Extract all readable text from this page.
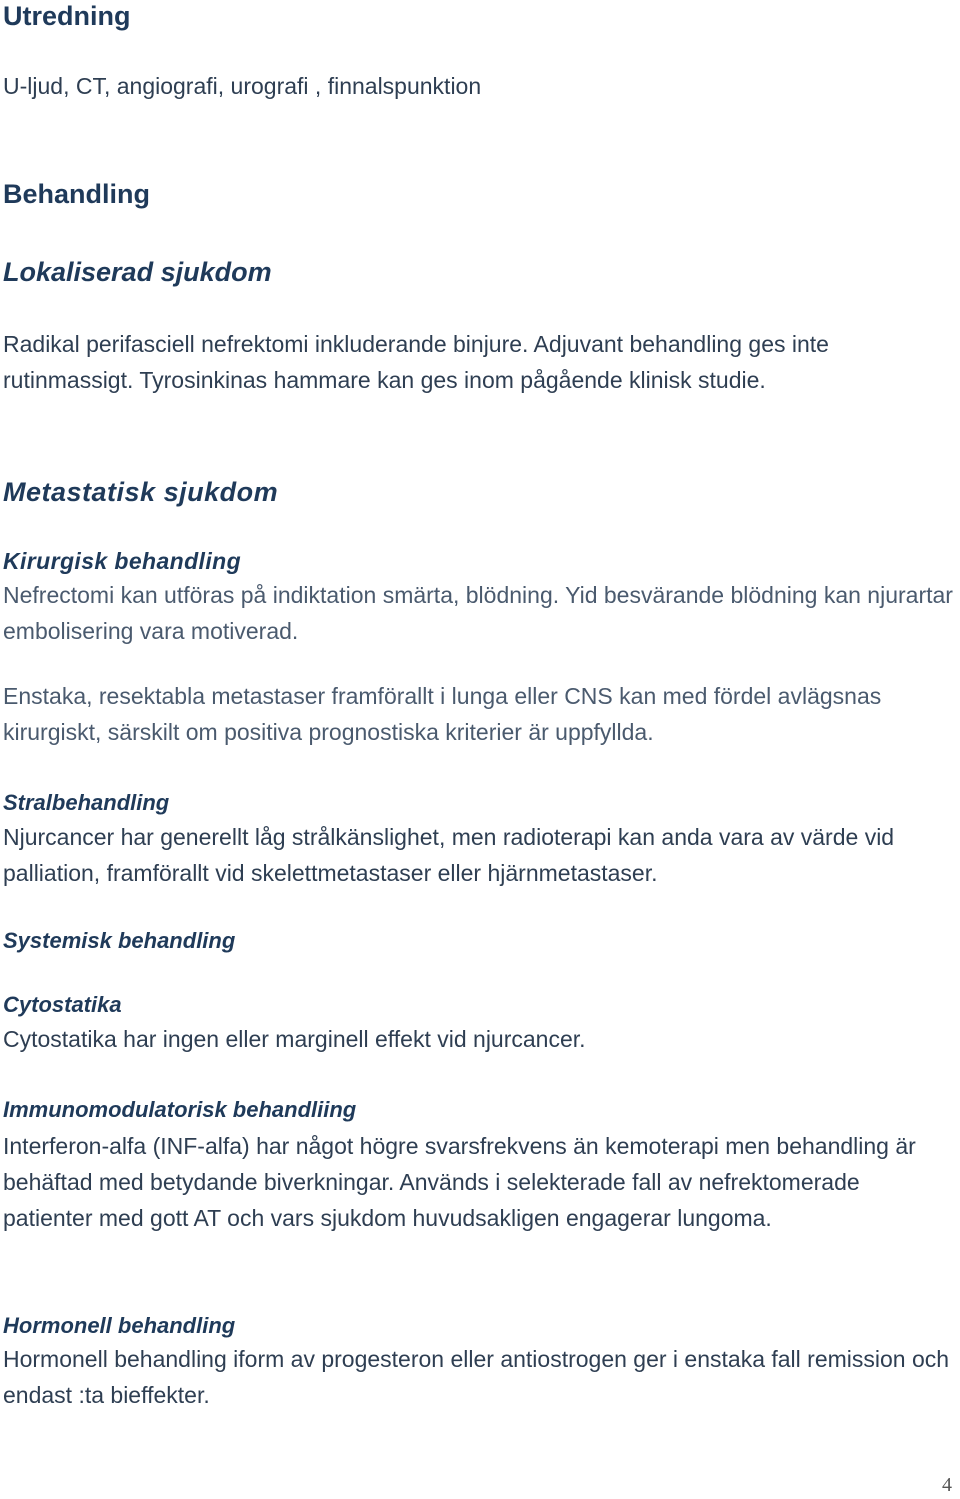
Utredning

U-ljud, CT, angiografi, urografi , finnalspunktion

Behandling
Lokaliserad sjukdom

Radikal perifasciell nefrektomi inkluderande binjure. Adjuvant behandling ges inte rutinmassigt. Tyrosinkinas hammare kan ges inom pågående klinisk studie.

Metastatisk sjukdom
Kirurgisk behandling

Nefrectomi kan utföras på indiktation smärta, blödning. Yid besvärande blödning kan njurartar embolisering vara motiverad.

Enstaka, resektabla metastaser framförallt i lunga eller CNS kan med fördel avlägsnas kirurgiskt, särskilt om positiva prognostiska kriterier är uppfyllda.

Stralbehandling

Njurcancer har generellt låg strålkänslighet, men radioterapi kan anda vara av värde vid palliation, framförallt vid skelettmetastaser eller hjärnmetastaser.

Systemisk behandling
Cytostatika

Cytostatika har ingen eller marginell effekt vid njurcancer.

Immunomodulatorisk behandliing

Interferon-alfa (INF-alfa) har något högre svarsfrekvens än kemoterapi men behandling är behäftad med betydande biverkningar. Används i selekterade fall av nefrektomerade patienter med gott AT och vars sjukdom huvudsakligen engagerar lungoma.

Hormonell behandling

Hormonell behandling iform av progesteron eller antiostrogen ger i enstaka fall remission och endast :ta bieffekter.

4
